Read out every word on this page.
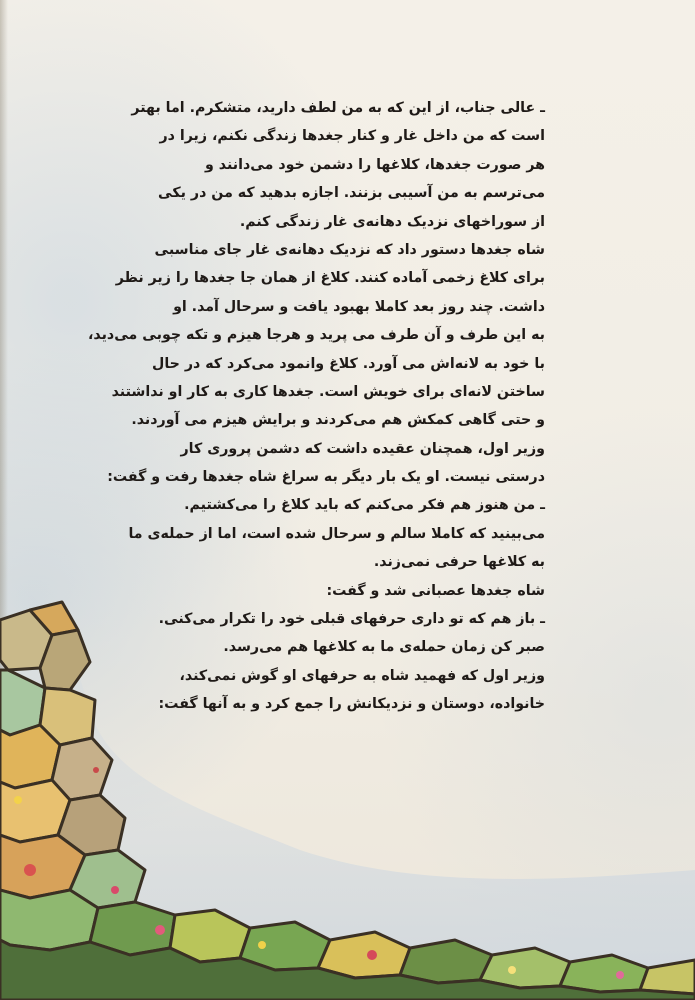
ـ عالی جناب، از این که به من لطف دارید، متشکرم. اما بهتر
است که من داخل غار و کنار جغدها زندگی نکنم، زیرا در
هر صورت جغدها، کلاغها را دشمن خود می‌دانند و
می‌ترسم به من آسیبی بزنند. اجازه بدهید که من در یکی
از سوراخهای نزدیک دهانه‌ی غار زندگی کنم.
شاه جغدها دستور داد که نزدیک دهانه‌ی غار جای مناسبی
برای کلاغ زخمی آماده کنند. کلاغ از همان جا جغدها را زیر نظر
داشت. چند روز بعد کاملا بهبود یافت و سرحال آمد. او
به این طرف و آن طرف می پرید و هرجا هیزم و تکه چوبی می‌دید،
با خود به لانه‌اش می آورد. کلاغ وانمود می‌کرد که در حال
ساختن لانه‌ای برای خویش است. جغدها کاری به کار او نداشتند
و حتی گاهی کمکش هم می‌کردند و برایش هیزم می آوردند.
وزیر اول، همچنان عقیده داشت که دشمن پروری کار
درستی نیست. او یک بار دیگر به سراغ شاه جغدها رفت و گفت:
ـ من هنوز هم فکر می‌کنم که باید کلاغ را می‌کشتیم.
می‌بینید که کاملا سالم و سرحال شده است، اما از حمله‌ی ما
به کلاغها حرفی نمی‌زند.
شاه جغدها عصبانی شد و گفت:
ـ باز هم که تو داری حرفهای قبلی خود را تکرار می‌کنی.
صبر کن زمان حمله‌ی ما به کلاغها هم می‌رسد.
وزیر اول که فهمید شاه به حرفهای او گوش نمی‌کند،
خانواده، دوستان و نزدیکانش را جمع کرد و به آنها گفت:
